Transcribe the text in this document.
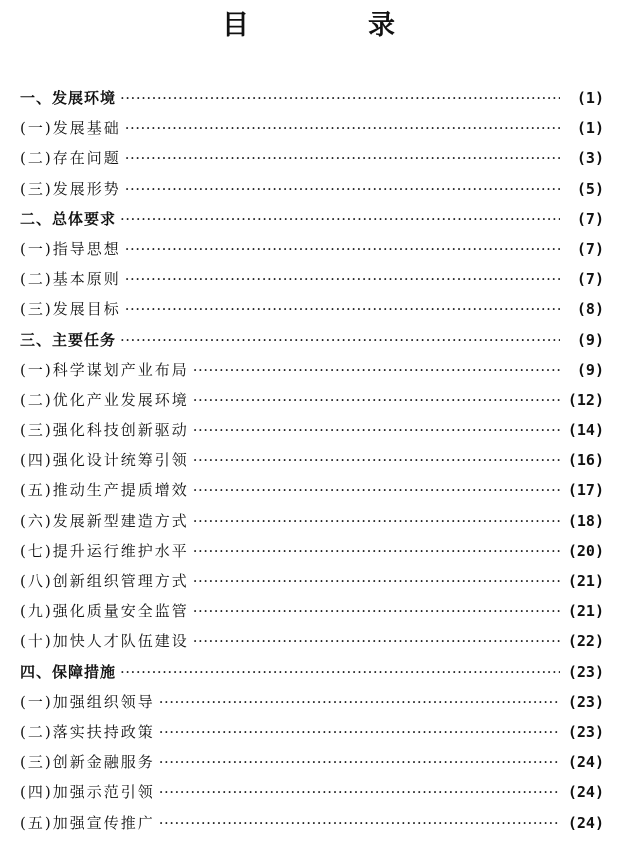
目　录
一、发展环境 ·····	(1)
(一)发展基础 ·····	(1)
(二)存在问题 ·····	(3)
(三)发展形势 ·····	(5)
二、总体要求 ·····	(7)
(一)指导思想 ·····	(7)
(二)基本原则 ·····	(7)
(三)发展目标 ·····	(8)
三、主要任务 ·····	(9)
(一)科学谋划产业布局 ·····	(9)
(二)优化产业发展环境 ·····	(12)
(三)强化科技创新驱动 ·····	(14)
(四)强化设计统筹引领 ·····	(16)
(五)推动生产提质增效 ·····	(17)
(六)发展新型建造方式 ·····	(18)
(七)提升运行维护水平 ·····	(20)
(八)创新组织管理方式 ·····	(21)
(九)强化质量安全监管 ·····	(21)
(十)加快人才队伍建设 ·····	(22)
四、保障措施 ·····	(23)
(一)加强组织领导 ·····	(23)
(二)落实扶持政策 ·····	(23)
(三)创新金融服务 ·····	(24)
(四)加强示范引领 ·····	(24)
(五)加强宣传推广 ·····	(24)
